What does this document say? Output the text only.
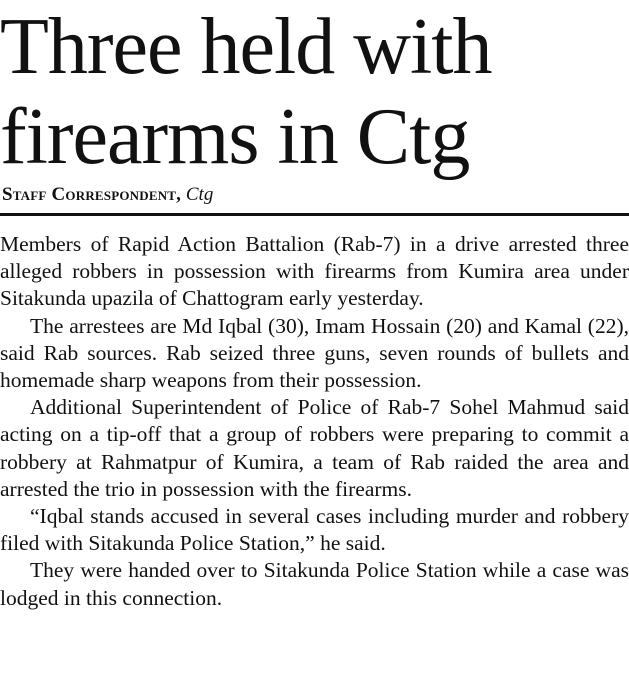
Three held with
firearms in Ctg
Staff Correspondent, Ctg

Members of Rapid Action Battalion (Rab-7) in a drive arrested three alleged robbers in possession with firearms from Kumira area under Sitakunda upazila of Chattogram early yesterday.

The arrestees are Md Iqbal (30), Imam Hossain (20) and Kamal (22), said Rab sources. Rab seized three guns, seven rounds of bullets and homemade sharp weapons from their possession.

Additional Superintendent of Police of Rab-7 Sohel Mahmud said acting on a tip-off that a group of robbers were preparing to commit a robbery at Rahmatpur of Kumira, a team of Rab raided the area and arrested the trio in possession with the firearms.

“Iqbal stands accused in several cases including murder and robbery filed with Sitakunda Police Station,” he said.

They were handed over to Sitakunda Police Station while a case was lodged in this connection.
